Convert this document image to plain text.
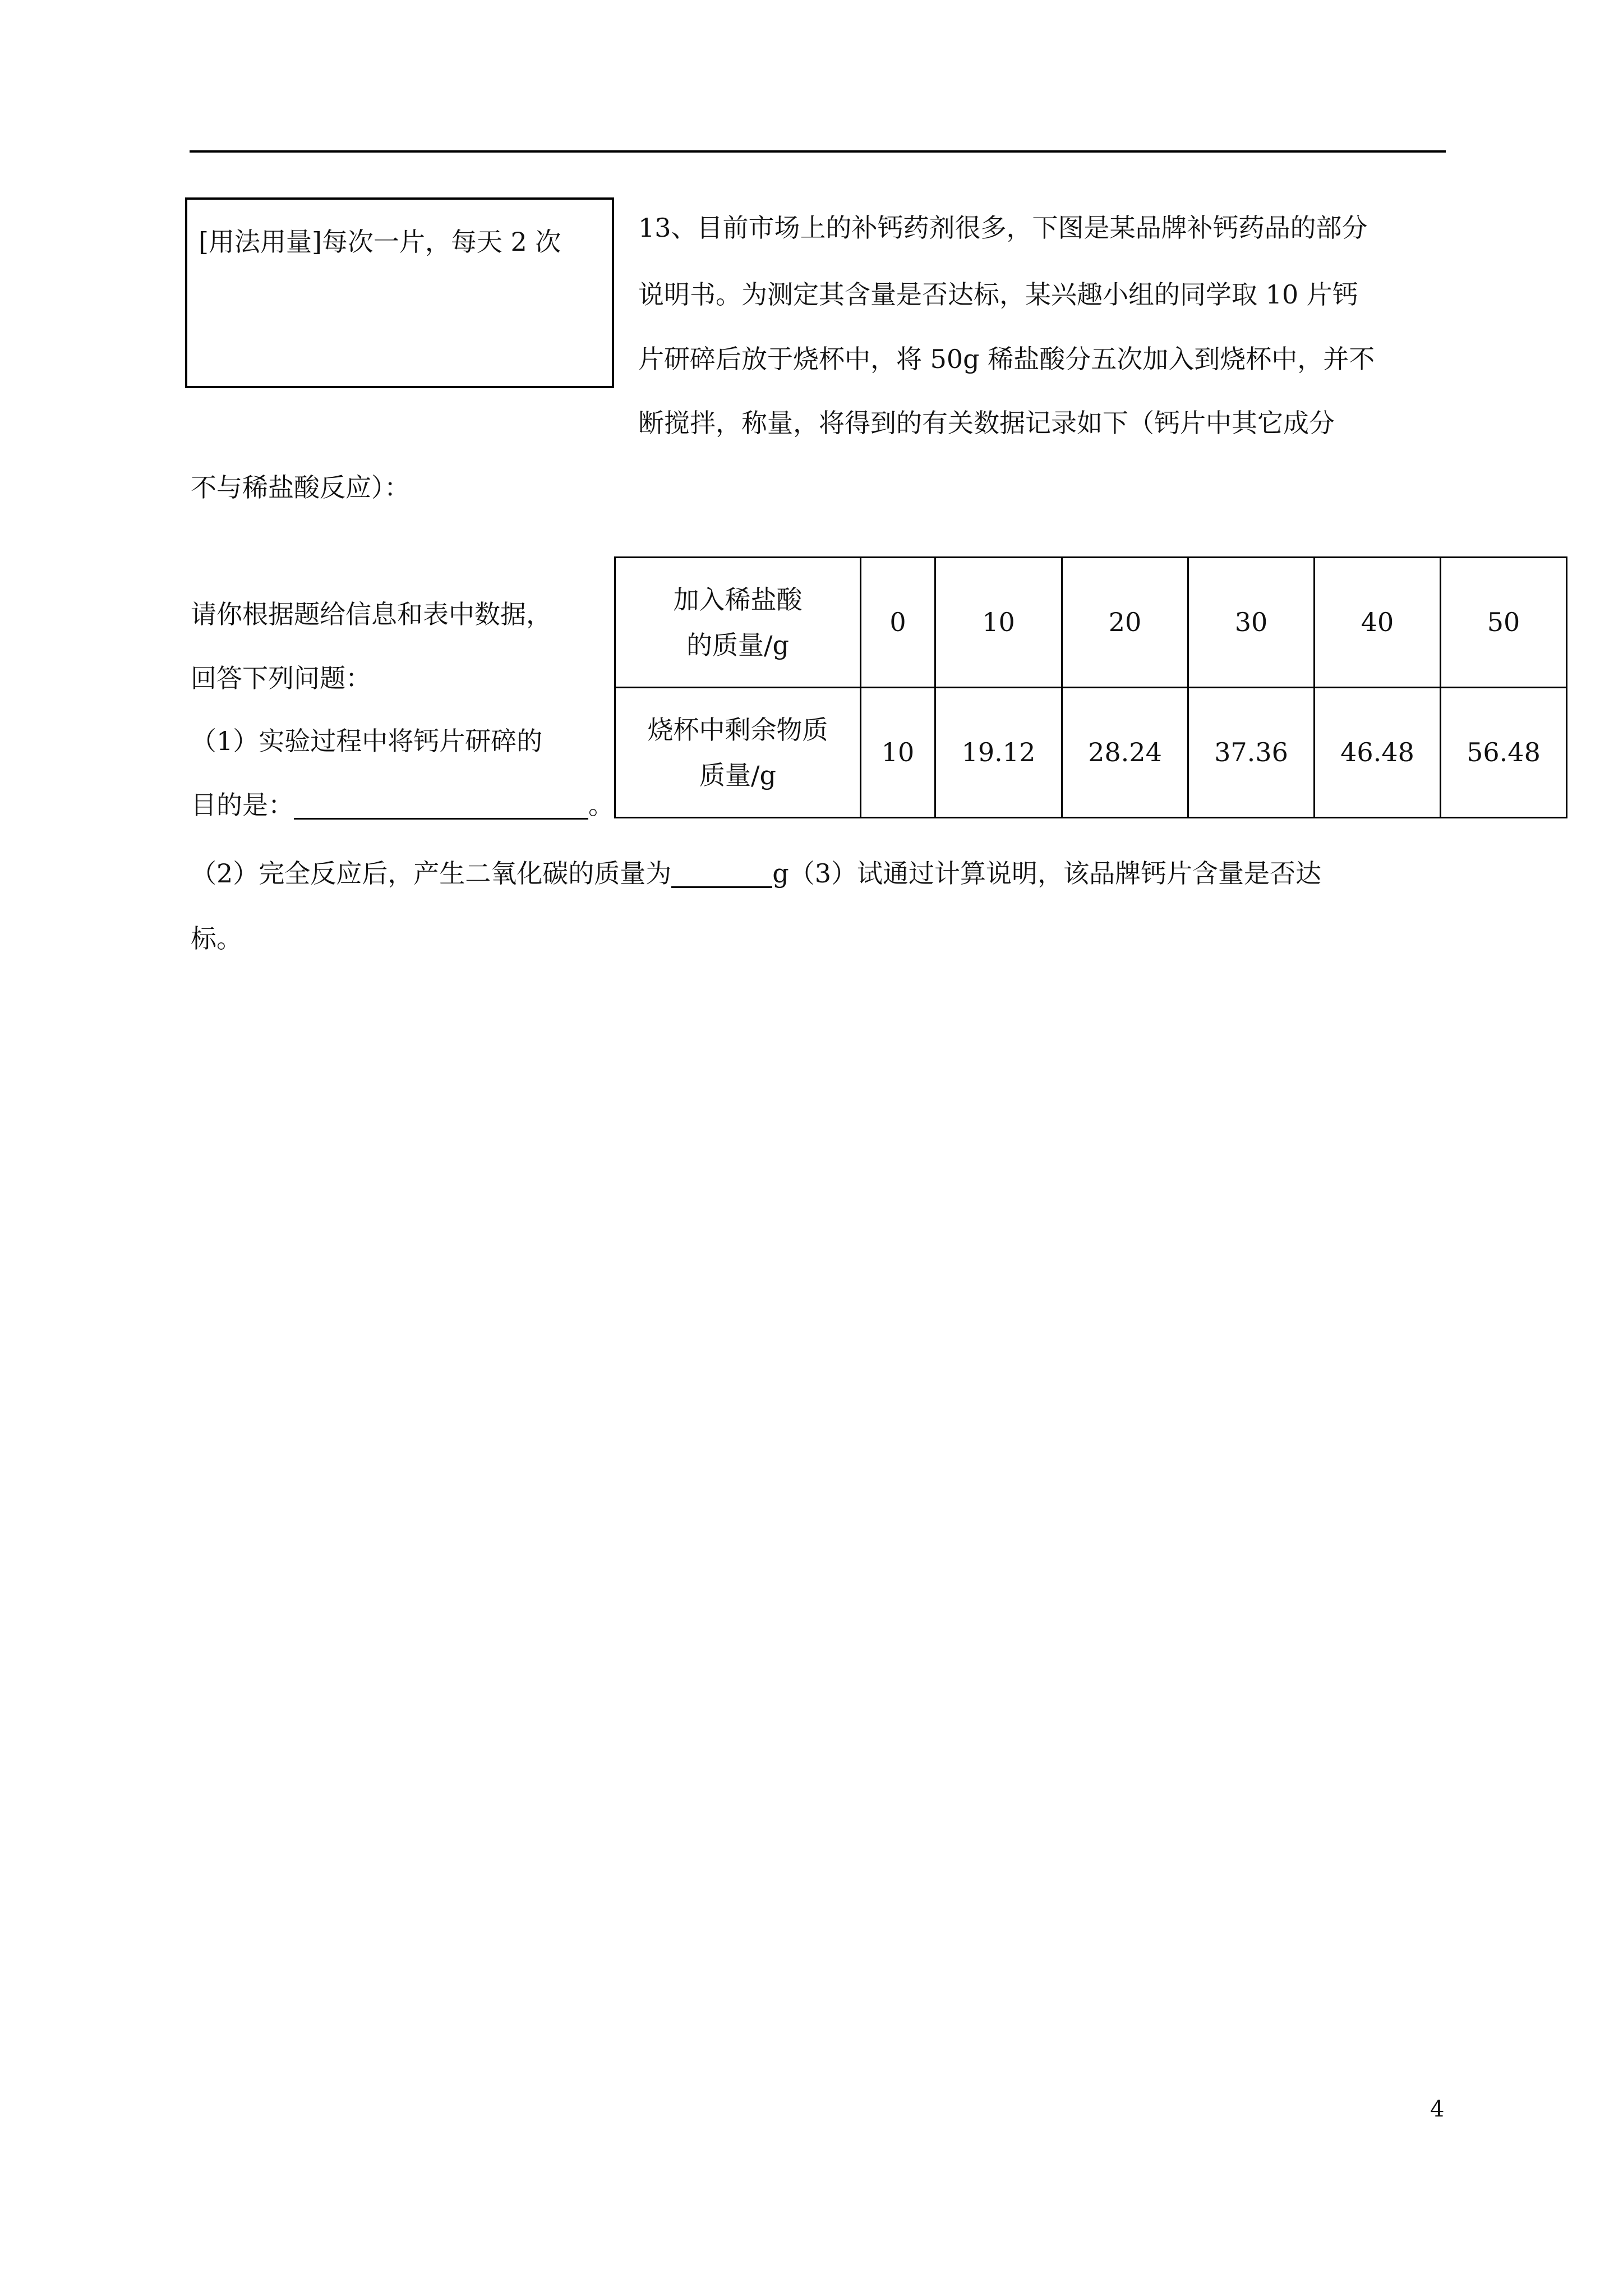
[用法用量]每次一片，每天 2 次	13、目前市场上的补钙药剂很多，下图是某品牌补钙药品的部分
说明书。为测定其含量是否达标，某兴趣小组的同学取 10 片钙
片研碎后放于烧杯中，将 50g 稀盐酸分五次加入到烧杯中，并不
断搅拌，称量，将得到的有关数据记录如下（钙片中其它成分
不与稀盐酸反应）：
请你根据题给信息和表中数据，
回答下列问题：
（1）实验过程中将钙片研碎的
目的是：	。
加入稀盐酸
的质量/g	0	10	20	30	40	50
烧杯中剩余物质
质量/g	10	19.12	28.24	37.36	46.48	56.48
（2）完全反应后，产生二氧化碳的质量为	g（3）试通过计算说明，该品牌钙片含量是否达
标。
4
